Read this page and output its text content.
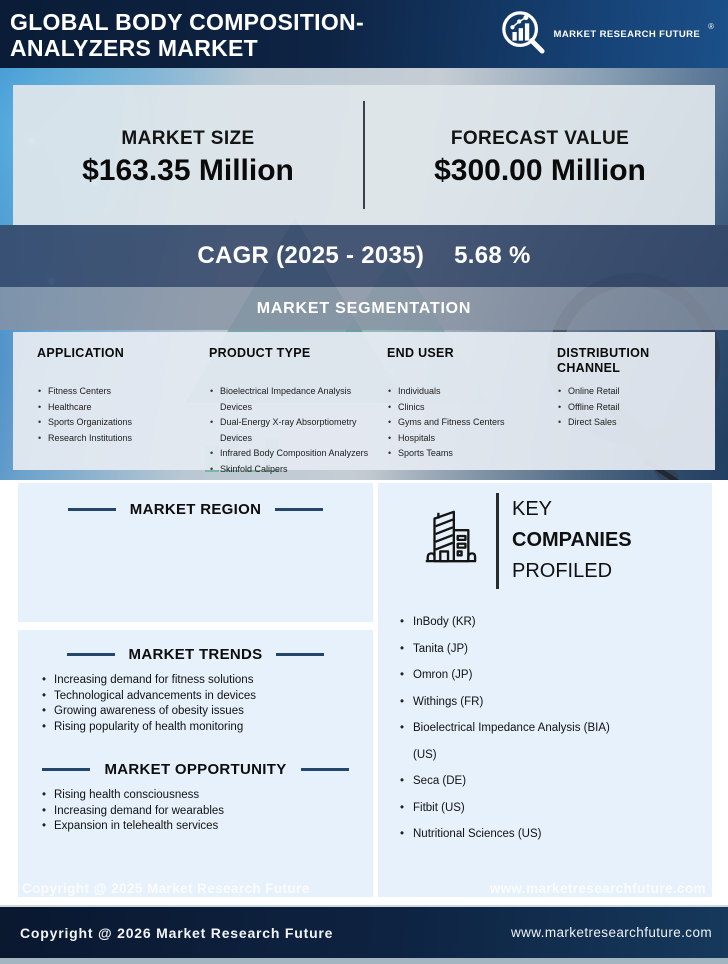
GLOBAL BODY COMPOSITION-
ANALYZERS MARKET
MARKET RESEARCH FUTURE
®
MARKET SIZE
$163.35 Million
FORECAST VALUE
$300.00 Million
CAGR (2025 - 2035) 5.68 %
MARKET SEGMENTATION
APPLICATION
• Fitness Centers
• Healthcare
• Sports Organizations
• Research Institutions
PRODUCT TYPE
• Bioelectrical Impedance Analysis Devices
• Dual-Energy X-ray Absorptiometry Devices
• Infrared Body Composition Analyzers
• Skinfold Calipers
END USER
• Individuals
• Clinics
• Gyms and Fitness Centers
• Hospitals
• Sports Teams
DISTRIBUTION CHANNEL
• Online Retail
• Offline Retail
• Direct Sales
MARKET REGION
MARKET TRENDS
• Increasing demand for fitness solutions
• Technological advancements in devices
• Growing awareness of obesity issues
• Rising popularity of health monitoring
MARKET OPPORTUNITY
• Rising health consciousness
• Increasing demand for wearables
• Expansion in telehealth services
Copyright @ 2025 Market Research Future
KEY
COMPANIES
PROFILED
• InBody (KR)
• Tanita (JP)
• Omron (JP)
• Withings (FR)
• Bioelectrical Impedance Analysis (BIA) (US)
• Seca (DE)
• Fitbit (US)
• Nutritional Sciences (US)
www.marketresearchfuture.com
Copyright @ 2026 Market Research Future	www.marketresearchfuture.com
